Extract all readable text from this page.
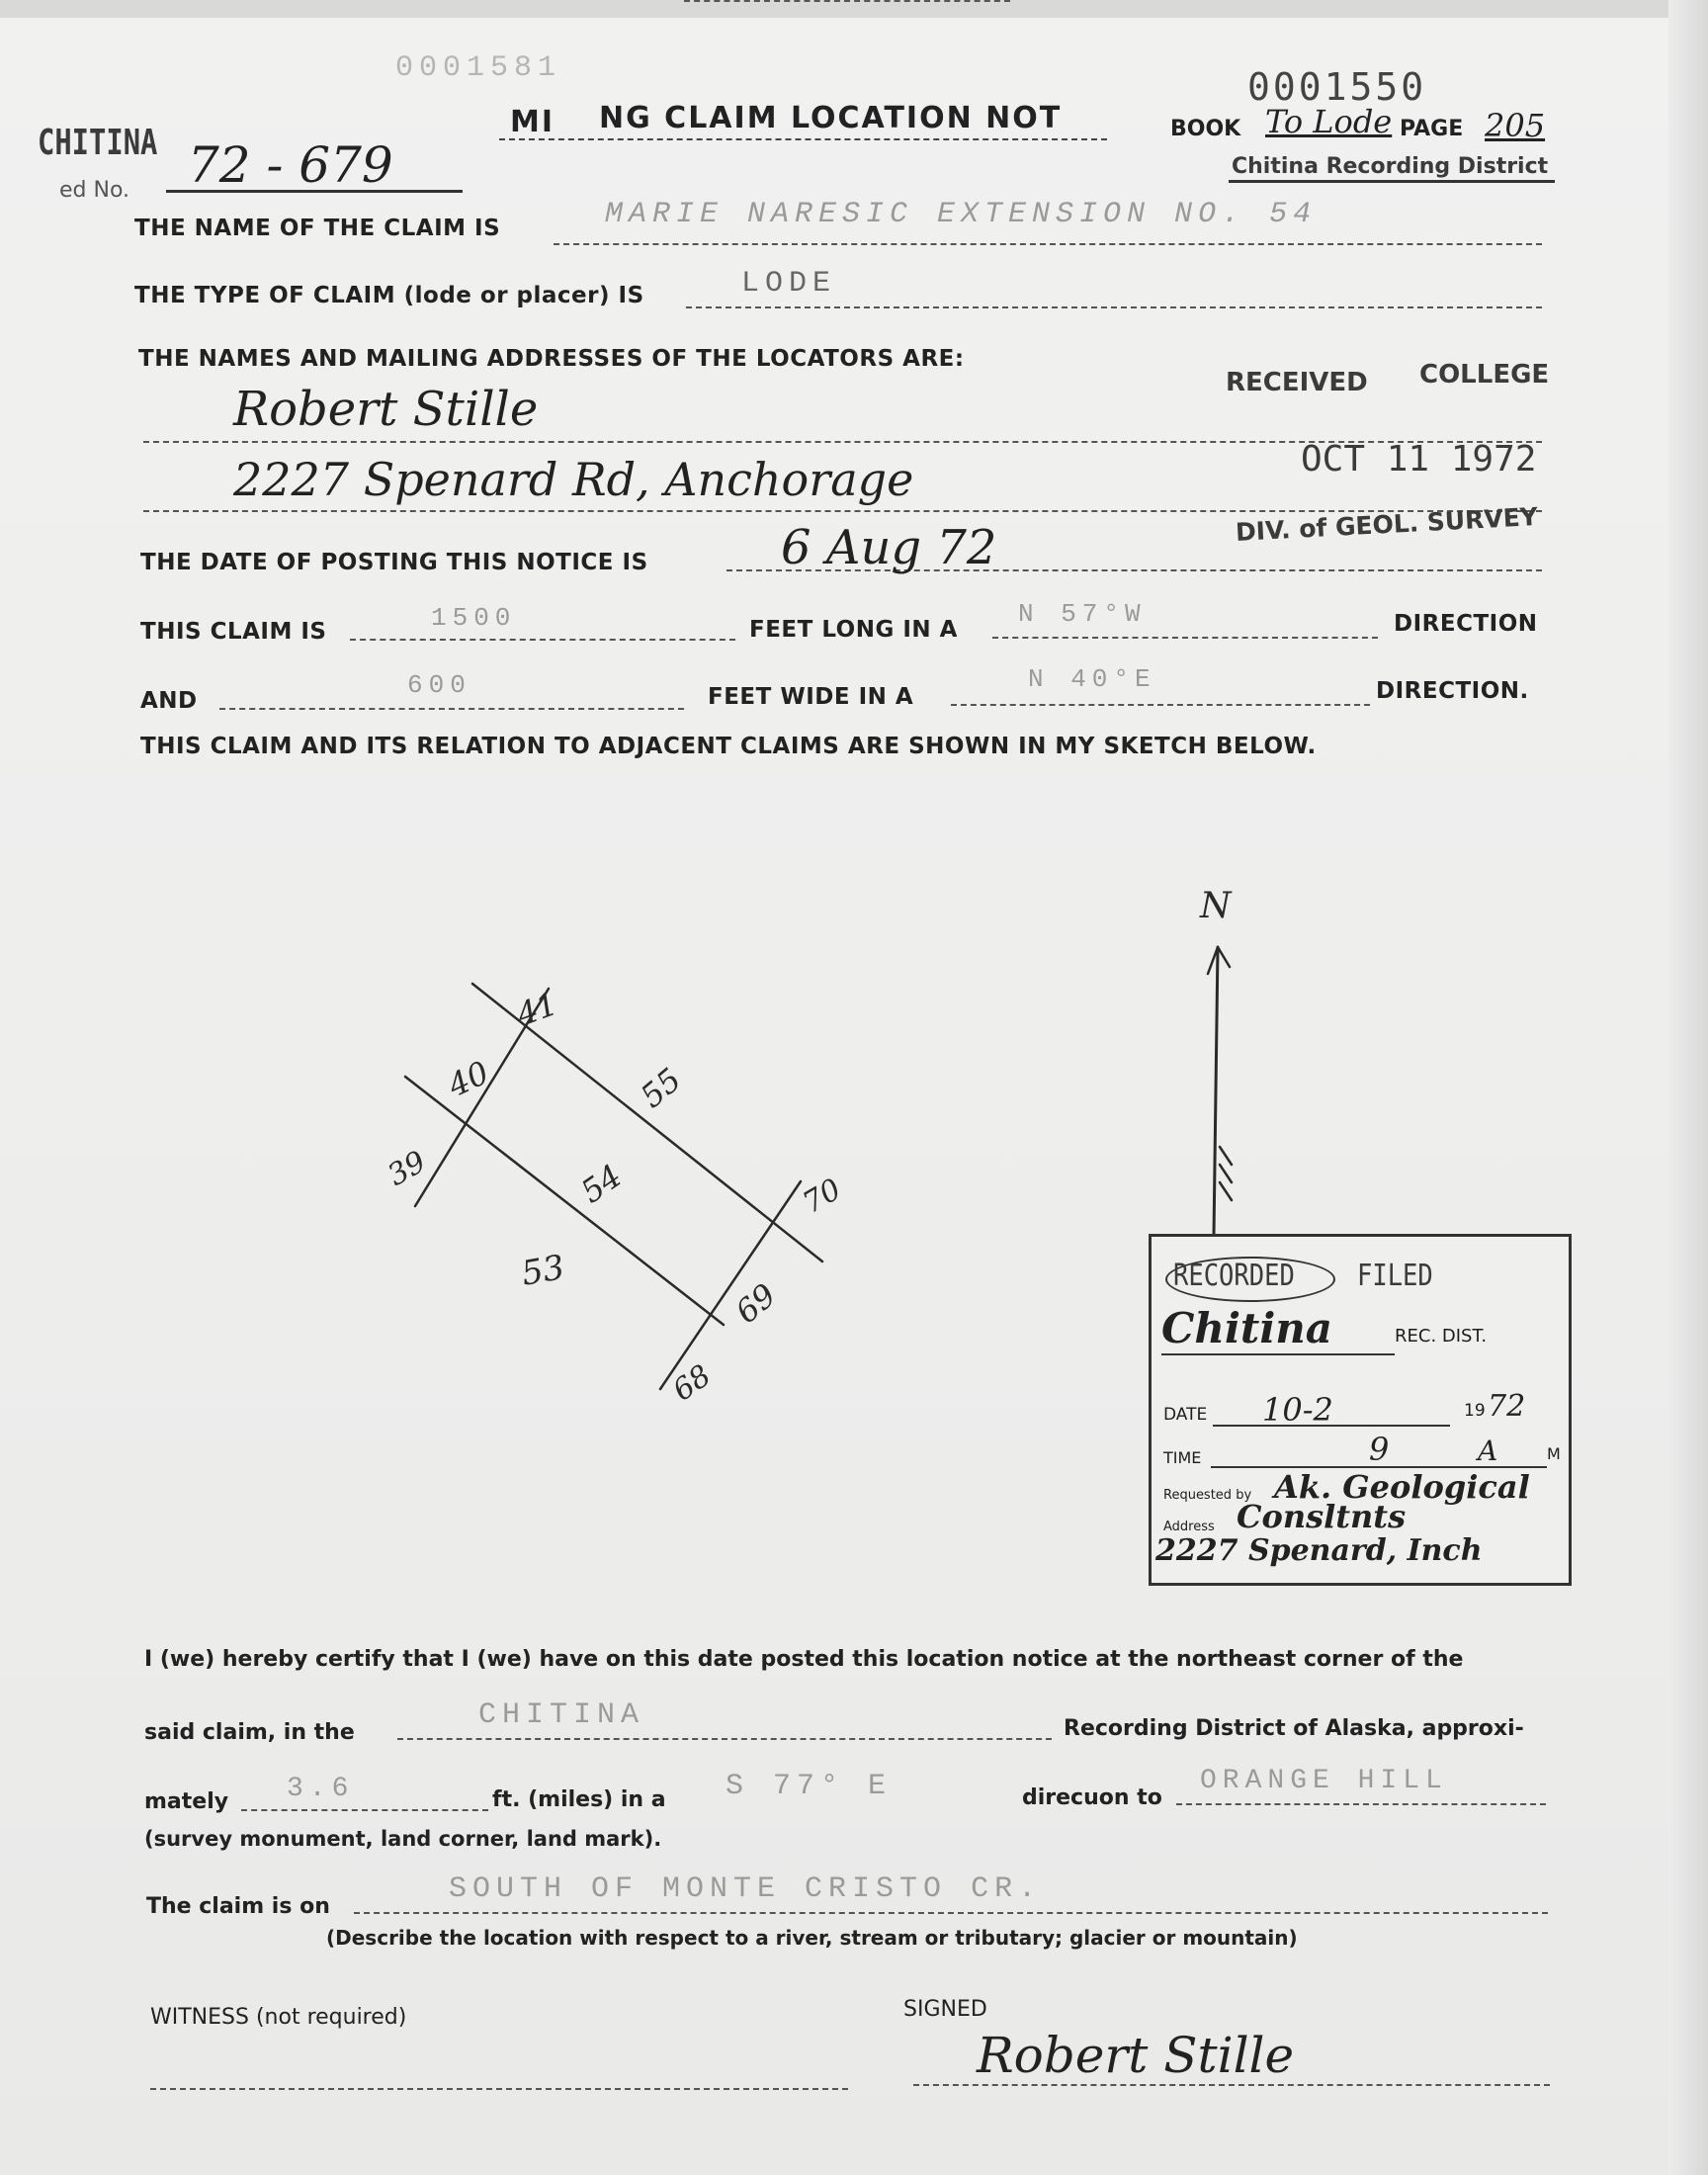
0001581	0001550
CHITINA
ed No. 72 - 679
MI NG CLAIM LOCATION NOT	BOOK To Lode PAGE 205
Chitina Recording District
THE NAME OF THE CLAIM IS	MARIE NARESIC EXTENSION NO. 54
THE TYPE OF CLAIM (lode or placer) IS	LODE
THE NAMES AND MAILING ADDRESSES OF THE LOCATORS ARE:
Robert Stille
2227 Spenard Rd, Anchorage
RECEIVED COLLEGE
OCT 11 1972
DIV. of GEOL. SURVEY
THE DATE OF POSTING THIS NOTICE IS	6 Aug 72
THIS CLAIM IS	1500	FEET LONG IN A
N 57°W	DIRECTION
AND
600	FEET WIDE IN A
N 40°E	DIRECTION.
THIS CLAIM AND ITS RELATION TO ADJACENT CLAIMS ARE SHOWN IN MY SKETCH BELOW.
N
41
40	55
39	54	70
53
69
68
RECORDED FILED
Chitina	REC. DIST.
DATE 10-2	19 72
TIME	9	A	M
Requested by Ak. Geological
Address Consltnts
2227 Spenard, Inch
I (we) hereby certify that I (we) have on this date posted this location notice at the northeast corner of the
said claim, in the
CHITINA	Recording District of Alaska, approxi-
mately 3.6	ft. (miles) in a S 77° E	direcuon to
ORANGE HILL
(survey monument, land corner, land mark).
The claim is on
SOUTH OF MONTE CRISTO CR.
(Describe the location with respect to a river, stream or tributary; glacier or mountain)
WITNESS (not required)	SIGNED
Robert Stille
